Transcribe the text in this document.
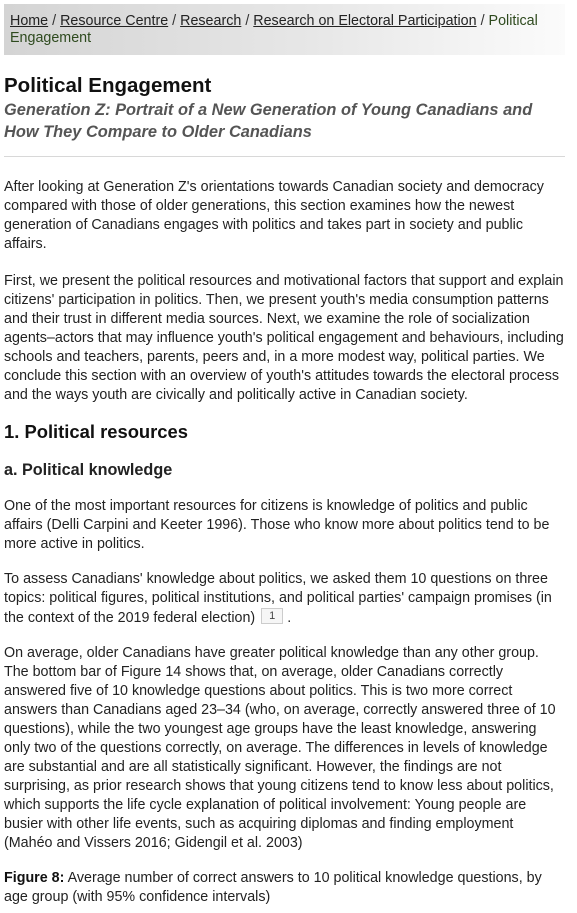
Home / Resource Centre / Research / Research on Electoral Participation / Political Engagement
Political Engagement
Generation Z: Portrait of a New Generation of Young Canadians and How They Compare to Older Canadians

After looking at Generation Z's orientations towards Canadian society and democracy compared with those of older generations, this section examines how the newest generation of Canadians engages with politics and takes part in society and public affairs.

First, we present the political resources and motivational factors that support and explain citizens' participation in politics. Then, we present youth's media consumption patterns and their trust in different media sources. Next, we examine the role of socialization agents–actors that may influence youth's political engagement and behaviours, including schools and teachers, parents, peers and, in a more modest way, political parties. We conclude this section with an overview of youth's attitudes towards the electoral process and the ways youth are civically and politically active in Canadian society.

1. Political resources
a. Political knowledge

One of the most important resources for citizens is knowledge of politics and public affairs (Delli Carpini and Keeter 1996). Those who know more about politics tend to be more active in politics.

To assess Canadians' knowledge about politics, we asked them 10 questions on three topics: political figures, political institutions, and political parties' campaign promises (in the context of the 2019 federal election) 1 .

On average, older Canadians have greater political knowledge than any other group. The bottom bar of Figure 14 shows that, on average, older Canadians correctly answered five of 10 knowledge questions about politics. This is two more correct answers than Canadians aged 23–34 (who, on average, correctly answered three of 10 questions), while the two youngest age groups have the least knowledge, answering only two of the questions correctly, on average. The differences in levels of knowledge are substantial and are all statistically significant. However, the findings are not surprising, as prior research shows that young citizens tend to know less about politics, which supports the life cycle explanation of political involvement: Young people are busier with other life events, such as acquiring diplomas and finding employment (Mahéo and Vissers 2016; Gidengil et al. 2003)

Figure 8: Average number of correct answers to 10 political knowledge questions, by age group (with 95% confidence intervals)
